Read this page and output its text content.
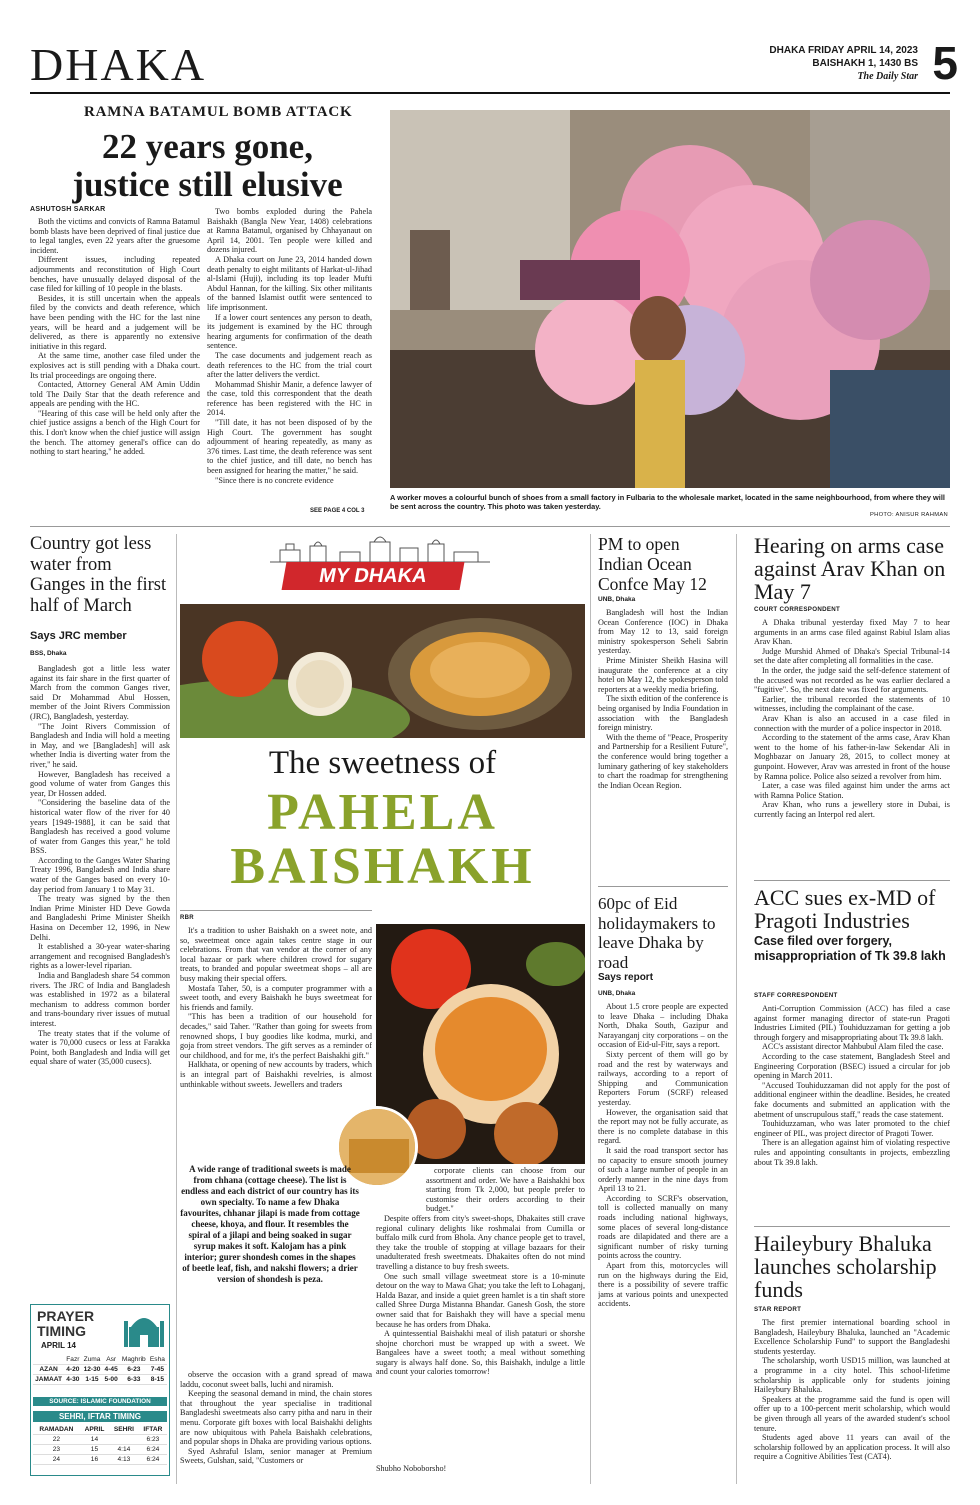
DHAKA	DHAKA FRIDAY APRIL 14, 2023
BAISHAKH 1, 1430 BS
The Daily Star 5
RAMNA BATAMUL BOMB ATTACK
22 years gone,
justice still elusive
ASHUTOSH SARKAR

Both the victims and convicts of Ramna Batamul bomb blasts have been deprived of final justice due to legal tangles, even 22 years after the gruesome incident.

Different issues, including repeated adjournments and reconstitution of High Court benches, have unusually delayed disposal of the case filed for killing of 10 people in the blasts.

Besides, it is still uncertain when the appeals filed by the convicts and death reference, which have been pending with the HC for the last nine years, will be heard and a judgement will be delivered, as there is apparently no extensive initiative in this regard.

At the same time, another case filed under the explosives act is still pending with a Dhaka court. Its trial proceedings are ongoing there.

Contacted, Attorney General AM Amin Uddin told The Daily Star that the death reference and appeals are pending with the HC.

"Hearing of this case will be held only after the chief justice assigns a bench of the High Court for this. I don't know when the chief justice will assign the bench. The attorney general's office can do nothing to start hearing," he added.

Two bombs exploded during the Pahela Baishakh (Bangla New Year, 1408) celebrations at Ramna Batamul, organised by Chhayanaut on April 14, 2001. Ten people were killed and dozens injured.

A Dhaka court on June 23, 2014 handed down death penalty to eight militants of Harkat-ul-Jihad al-Islami (Huji), including its top leader Mufti Abdul Hannan, for the killing. Six other militants of the banned Islamist outfit were sentenced to life imprisonment.

If a lower court sentences any person to death, its judgement is examined by the HC through hearing arguments for confirmation of the death sentence.

The case documents and judgement reach as death references to the HC from the trial court after the latter delivers the verdict.

Mohammad Shishir Manir, a defence lawyer of the case, told this correspondent that the death reference has been registered with the HC in 2014.

"Till date, it has not been disposed of by the High Court. The government has sought adjournment of hearing repeatedly, as many as 376 times. Last time, the death reference was sent to the chief justice, and till date, no bench has been assigned for hearing the matter," he said.

"Since there is no concrete evidence

SEE PAGE 4 COL 3
A worker moves a colourful bunch of shoes from a small factory in Fulbaria to the wholesale market, located in the same neighbourhood, from where they will be sent across the country. This photo was taken yesterday.
PHOTO: ANISUR RAHMAN
Country got less water from Ganges in the first half of March
Says JRC member
BSS, Dhaka

Bangladesh got a little less water against its fair share in the first quarter of March from the common Ganges river, said Dr Mohammad Abul Hossen, member of the Joint Rivers Commission (JRC), Bangladesh, yesterday.

"The Joint Rivers Commission of Bangladesh and India will hold a meeting in May, and we [Bangladesh] will ask whether India is diverting water from the river," he said.

However, Bangladesh has received a good volume of water from Ganges this year, Dr Hossen added.

"Considering the baseline data of the historical water flow of the river for 40 years [1949-1988], it can be said that Bangladesh has received a good volume of water from Ganges this year," he told BSS.

According to the Ganges Water Sharing Treaty 1996, Bangladesh and India share water of the Ganges based on every 10-day period from January 1 to May 31.

The treaty was signed by the then Indian Prime Minister HD Deve Gowda and Bangladeshi Prime Minister Sheikh Hasina on December 12, 1996, in New Delhi.

It established a 30-year water-sharing arrangement and recognised Bangladesh's rights as a lower-level riparian.

India and Bangladesh share 54 common rivers. The JRC of India and Bangladesh was established in 1972 as a bilateral mechanism to address common border and trans-boundary river issues of mutual interest.

The treaty states that if the volume of water is 70,000 cusecs or less at Farakka Point, both Bangladesh and India will get equal share of water (35,000 cusecs).

PRAYER
TIMING
APRIL 14
	Fazr	Zuma	Asr	Maghrib	Esha
AZAN	4-20	12-30	4-45	6-23	7-45
JAMAAT	4-30	1-15	5-00	6-33	8-15
SOURCE: ISLAMIC FOUNDATION
SEHRI, IFTAR TIMING
RAMADAN	APRIL	SEHRI	IFTAR
22	14		6:23
23	15	4:14	6:24
24	16	4:13	6:24
MY DHAKA
The sweetness of
PAHELA
BAISHAKH
RBR

It's a tradition to usher Baishakh on a sweet note, and so, sweetmeat once again takes centre stage in our celebrations. From that van vendor at the corner of any local bazaar or park where children crowd for sugary treats, to branded and popular sweetmeat shops – all are busy making their special offers.

Mostafa Taher, 50, is a computer programmer with a sweet tooth, and every Baishakh he buys sweetmeat for his friends and family.

"This has been a tradition of our household for decades," said Taher. "Rather than going for sweets from renowned shops, I buy goodies like kodma, murki, and goja from street vendors. The gift serves as a reminder of our childhood, and for me, it's the perfect Baishakhi gift."

Halkhata, or opening of new accounts by traders, which is an integral part of Baishakhi revelries, is almost unthinkable without sweets. Jewellers and traders

A wide range of traditional sweets is made from chhana (cottage cheese). The list is endless and each district of our country has its own specialty. To name a few Dhaka favourites, chhanar jilapi is made from cottage cheese, khoya, and flour. It resembles the spiral of a jilapi and being soaked in sugar syrup makes it soft. Kalojam has a pink interior; gurer shondesh comes in the shapes of beetle leaf, fish, and nakshi flowers; a drier version of shondesh is peza.

corporate clients can choose from our assortment and order. We have a Baishakhi box starting from Tk 2,000, but people prefer to customise their orders according to their budget."

Despite offers from city's sweet-shops, Dhakaites still crave regional culinary delights like roshmalai from Cumilla or buffalo milk curd from Bhola. Any chance people get to travel, they take the trouble of stopping at village bazaars for their unadulterated fresh sweetmeats. Dhakaites often do not mind travelling a distance to buy fresh sweets.

One such small village sweetmeat store is a 10-minute detour on the way to Mawa Ghat; you take the left to Lohaganj, Halda Bazar, and inside a quiet green hamlet is a tin shaft store called Shree Durga Mistanna Bhandar. Ganesh Gosh, the store owner said that for Baishakh they will have a special menu because he has orders from Dhaka.

A quintessential Baishakhi meal of ilish pataturi or shorshe shojne chorchori must be wrapped up with a sweet. We Bangalees have a sweet tooth; a meal without something sugary is always half done. So, this Baishakh, indulge a little and count your calories tomorrow!

Shubho Noboborsho!

observe the occasion with a grand spread of mawa laddu, coconut sweet balls, luchi and niramish.

Keeping the seasonal demand in mind, the chain stores that throughout the year specialise in traditional Bangladeshi sweetmeats also carry pitha and naru in their menu. Corporate gift boxes with local Baishakhi delights are now ubiquitous with Pahela Baishakh celebrations, and popular shops in Dhaka are providing various options.

Syed Ashraful Islam, senior manager at Premium Sweets, Gulshan, said, "Customers or

PM to open Indian Ocean Confce May 12
UNB, Dhaka

Bangladesh will host the Indian Ocean Conference (IOC) in Dhaka from May 12 to 13, said foreign ministry spokesperson Seheli Sabrin yesterday.

Prime Minister Sheikh Hasina will inaugurate the conference at a city hotel on May 12, the spokesperson told reporters at a weekly media briefing.

The sixth edition of the conference is being organised by India Foundation in association with the Bangladesh foreign ministry.

With the theme of "Peace, Prosperity and Partnership for a Resilient Future", the conference would bring together a luminary gathering of key stakeholders to chart the roadmap for strengthening the Indian Ocean Region.

60pc of Eid holidaymakers to leave Dhaka by road
Says report
UNB, Dhaka

About 1.5 crore people are expected to leave Dhaka – including Dhaka North, Dhaka South, Gazipur and Narayanganj city corporations – on the occasion of Eid-ul-Fitr, says a report.

Sixty percent of them will go by road and the rest by waterways and railways, according to a report of Shipping and Communication Reporters Forum (SCRF) released yesterday.

However, the organisation said that the report may not be fully accurate, as there is no complete database in this regard.

It said the road transport sector has no capacity to ensure smooth journey of such a large number of people in an orderly manner in the nine days from April 13 to 21.

According to SCRF's observation, toll is collected manually on many roads including national highways, some places of several long-distance roads are dilapidated and there are a significant number of risky turning points across the country.

Apart from this, motorcycles will run on the highways during the Eid, there is a possibility of severe traffic jams at various points and unexpected accidents.

Hearing on arms case against Arav Khan on May 7
COURT CORRESPONDENT

A Dhaka tribunal yesterday fixed May 7 to hear arguments in an arms case filed against Rabiul Islam alias Arav Khan.

Judge Murshid Ahmed of Dhaka's Special Tribunal-14 set the date after completing all formalities in the case.

In the order, the judge said the self-defence statement of the accused was not recorded as he was earlier declared a "fugitive". So, the next date was fixed for arguments.

Earlier, the tribunal recorded the statements of 10 witnesses, including the complainant of the case.

Arav Khan is also an accused in a case filed in connection with the murder of a police inspector in 2018.

According to the statement of the arms case, Arav Khan went to the home of his father-in-law Sekendar Ali in Moghbazar on January 28, 2015, to collect money at gunpoint. However, Arav was arrested in front of the house by Ramna police. Police also seized a revolver from him.

Later, a case was filed against him under the arms act with Ramna Police Station.

Arav Khan, who runs a jewellery store in Dubai, is currently facing an Interpol red alert.

ACC sues ex-MD of Pragoti Industries
Case filed over forgery, misappropriation of Tk 39.8 lakh
STAFF CORRESPONDENT

Anti-Corruption Commission (ACC) has filed a case against former managing director of state-run Pragoti Industries Limited (PIL) Touhiduzzaman for getting a job through forgery and misappropriating about Tk 39.8 lakh.

ACC's assistant director Mahbubul Alam filed the case.

According to the case statement, Bangladesh Steel and Engineering Corporation (BSEC) issued a circular for job opening in March 2011.

"Accused Touhiduzzaman did not apply for the post of additional engineer within the deadline. Besides, he created fake documents and submitted an application with the abetment of unscrupulous staff," reads the case statement.

Touhiduzzaman, who was later promoted to the chief engineer of PIL, was project director of Pragoti Tower.

There is an allegation against him of violating respective rules and appointing consultants in projects, embezzling about Tk 39.8 lakh.

Haileybury Bhaluka launches scholarship funds
STAR REPORT

The first premier international boarding school in Bangladesh, Haileybury Bhaluka, launched an "Academic Excellence Scholarship Fund" to support the Bangladeshi students yesterday.

The scholarship, worth USD15 million, was launched at a programme in a city hotel. This school-lifetime scholarship is applicable only for students joining Haileybury Bhaluka.

Speakers at the programme said the fund is open will offer up to a 100-percent merit scholarship, which would be given through all years of the awarded student's school tenure.

Students aged above 11 years can avail of the scholarship followed by an application process. It will also require a Cognitive Abilities Test (CAT4).
